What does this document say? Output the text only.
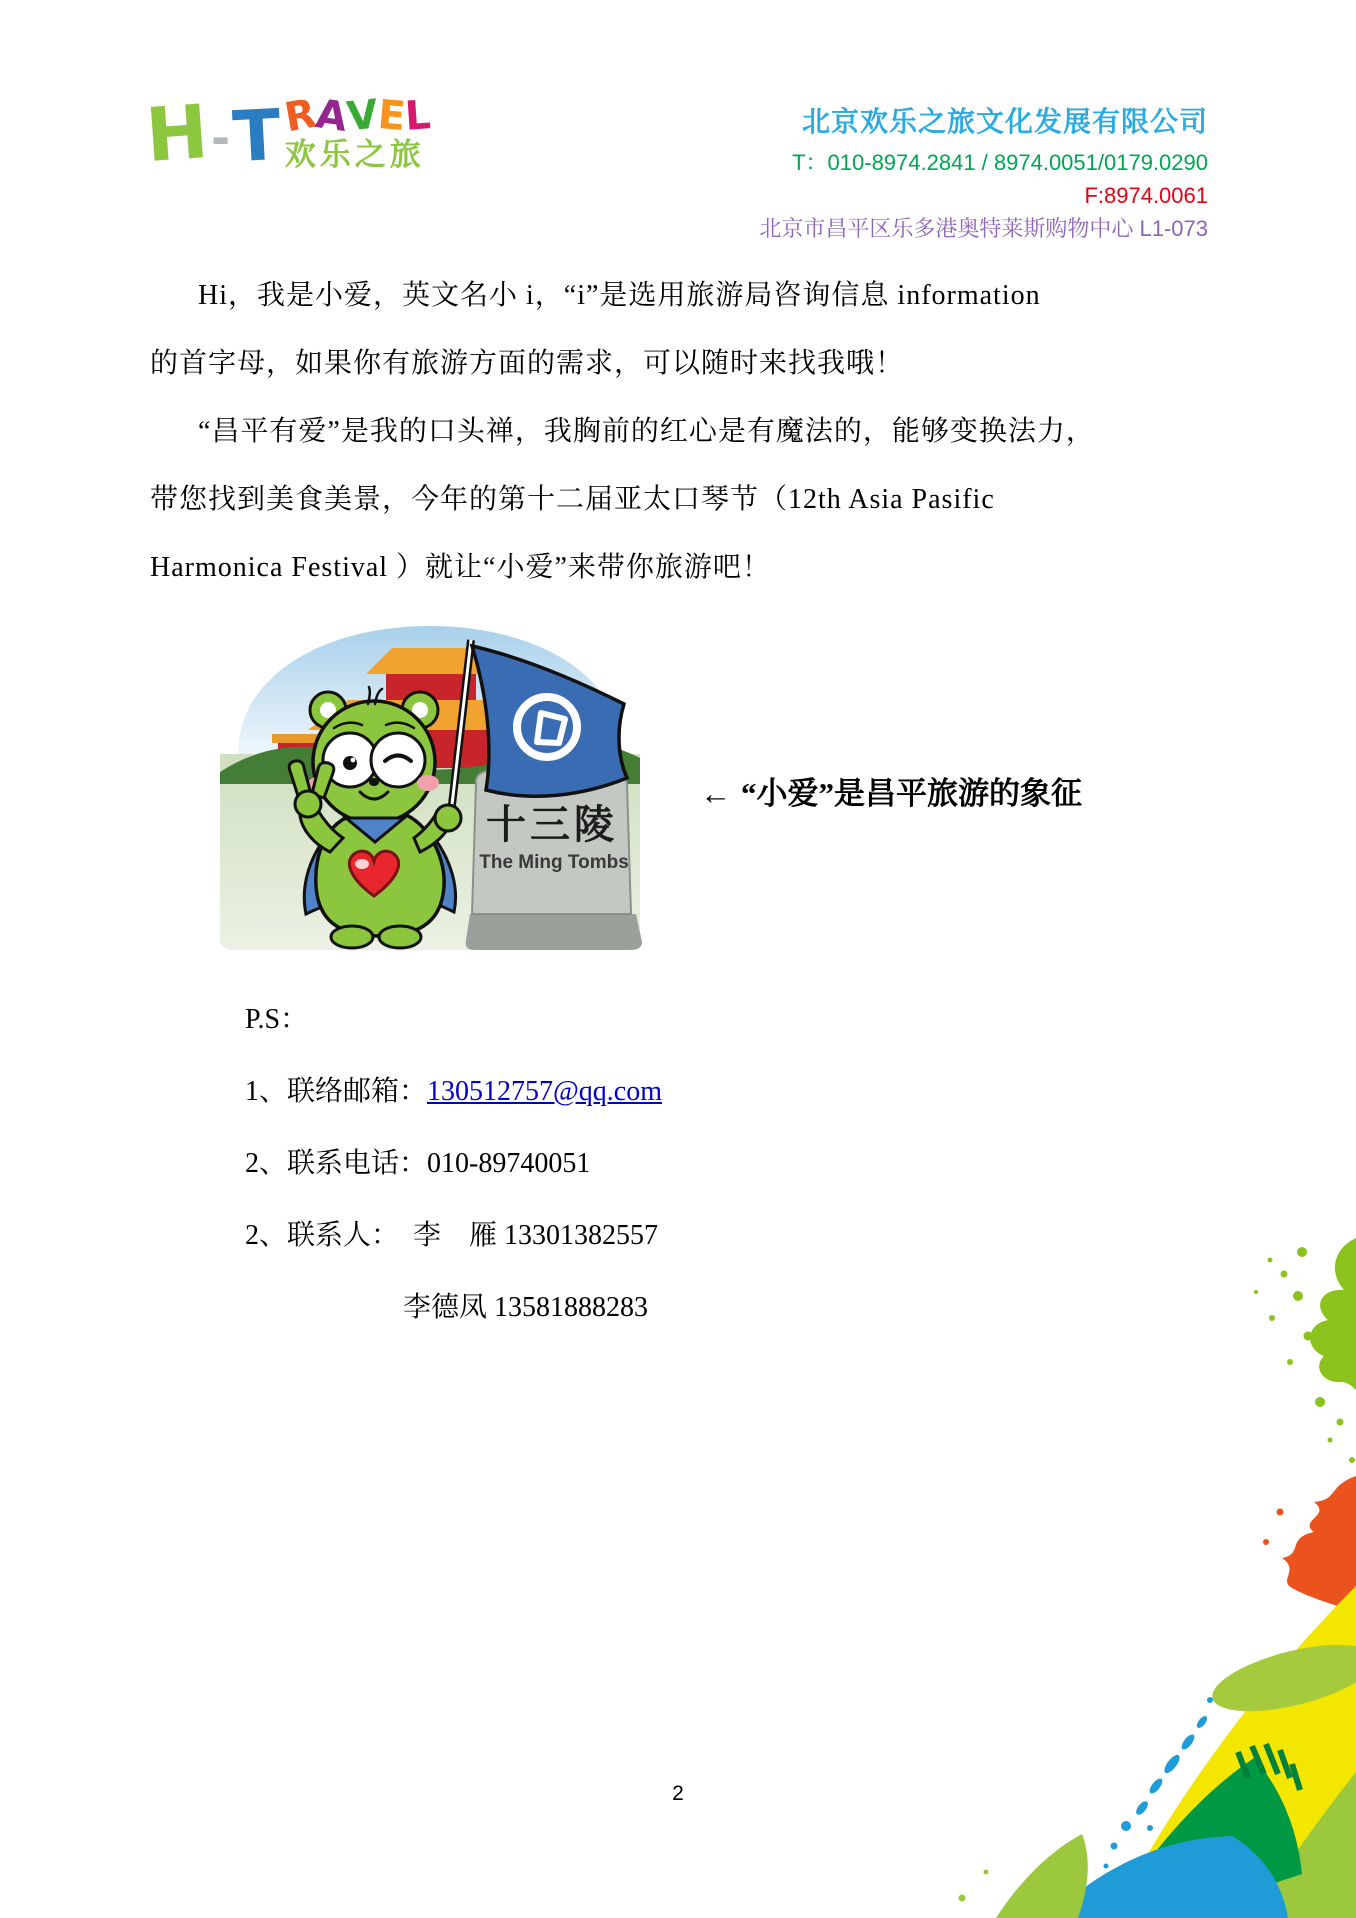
H - T
R
A
V
E
L
欢乐之旅
北京欢乐之旅文化发展有限公司
T：010-8974.2841 / 8974.0051/0179.0290
F:8974.0061
北京市昌平区乐多港奥特莱斯购物中心 L1-073
Hi，我是小爱，英文名小 i，“i”是选用旅游局咨询信息 information
的首字母，如果你有旅游方面的需求，可以随时来找我哦！
“昌平有爱”是我的口头禅，我胸前的红心是有魔法的，能够变换法力，
带您找到美食美景，今年的第十二届亚太口琴节（12th Asia Pasific
Harmonica Festival ）就让“小爱”来带你旅游吧！
十三陵
The Ming Tombs
← “小爱”是昌平旅游的象征
P.S：
1、联络邮箱：130512757@qq.com
2、联系电话：010-89740051
2、联系人： 李　雁 13301382557
李德凤 13581888283
2
